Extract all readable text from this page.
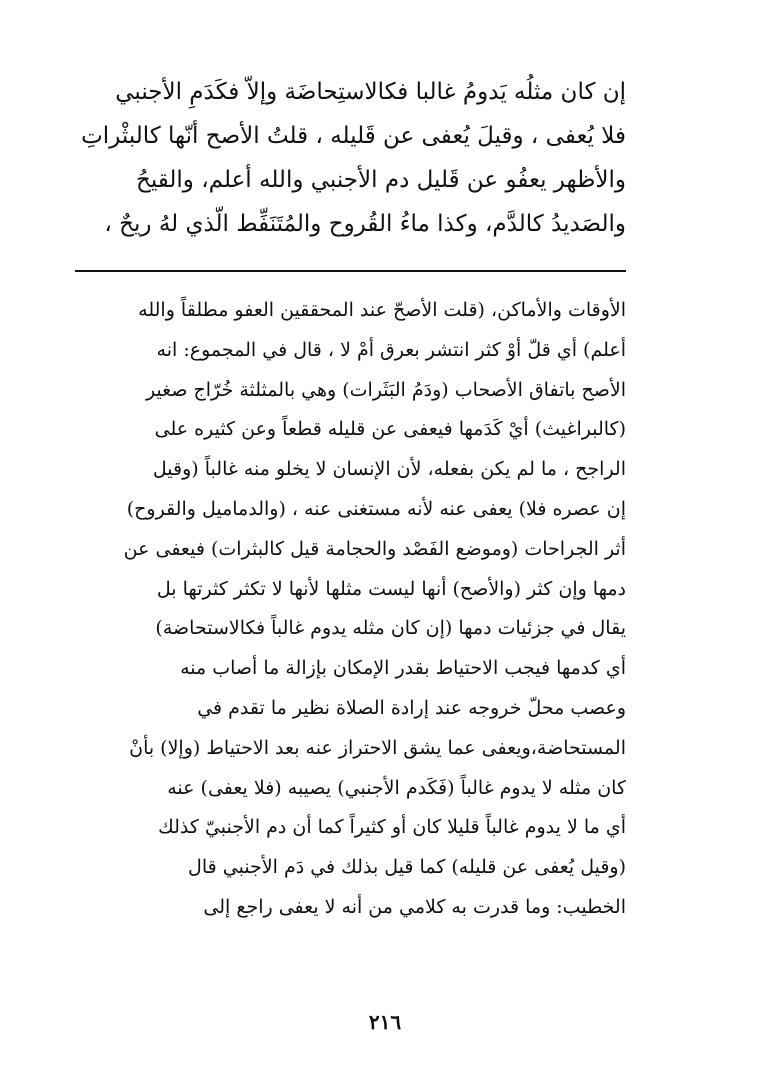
إن كان مثلُه يَدومُ غالبا فكالاستِحاضَة وإلاّ فكَدَمِ الأجنبي
فلا يُعفى ، وقيلَ يُعفى عن قَليله ، قلتُ الأصح أنّها كالبثْراتِ
والأظهر يعفُو عن قَليل دم الأجنبي والله أعلم، والقيحُ
والصَديدُ كالدَّم، وكذا ماءُ القُروح والمُتَنَفِّط الّذي لهُ ريحٌ ،
الأوقات والأماكن، (قلت الأصحّ عند المحققين العفو مطلقاً والله
أعلم) أي قلّ أوْ كثر انتشر بعرق أمْ لا ، قال في المجموع: انه
الأصح باتفاق الأصحاب (ودَمُ البَثَرات) وهي بالمثلثة خُرّاج صغير
(كالبراغيث) أيْ كَدَمها فيعفى عن قليله قطعاً وعن كثيره على
الراجح ، ما لم يكن بفعله، لأن الإنسان لا يخلو منه غالباً (وقيل
إن عصره فلا) يعفى عنه لأنه مستغنى عنه ، (والدماميل والقروح)
أثر الجراحات (وموضع الفَصْد والحجامة قيل كالبثرات) فيعفى عن
دمها وإن كثر (والأصح) أنها ليست مثلها لأنها لا تكثر كثرتها بل
يقال في جزئيات دمها (إن كان مثله يدوم غالباً فكالاستحاضة)
أي كدمها فيجب الاحتياط بقدر الإمكان بإزالة ما أصاب منه
وعصب محلّ خروجه عند إرادة الصلاة نظير ما تقدم في
المستحاضة،ويعفى عما يشق الاحتراز عنه بعد الاحتياط (وإلا) بأنْ
كان مثله لا يدوم غالباً (فَكَدم الأجنبي) يصيبه (فلا يعفى) عنه
أي ما لا يدوم غالباً قليلا كان أو كثيراً كما أن دم الأجنبيّ كذلك
(وقيل يُعفى عن قليله) كما قيل بذلك في دَم الأجنبي قال
الخطيب: وما قدرت به كلامي من أنه لا يعفى راجع إلى
٢١٦
